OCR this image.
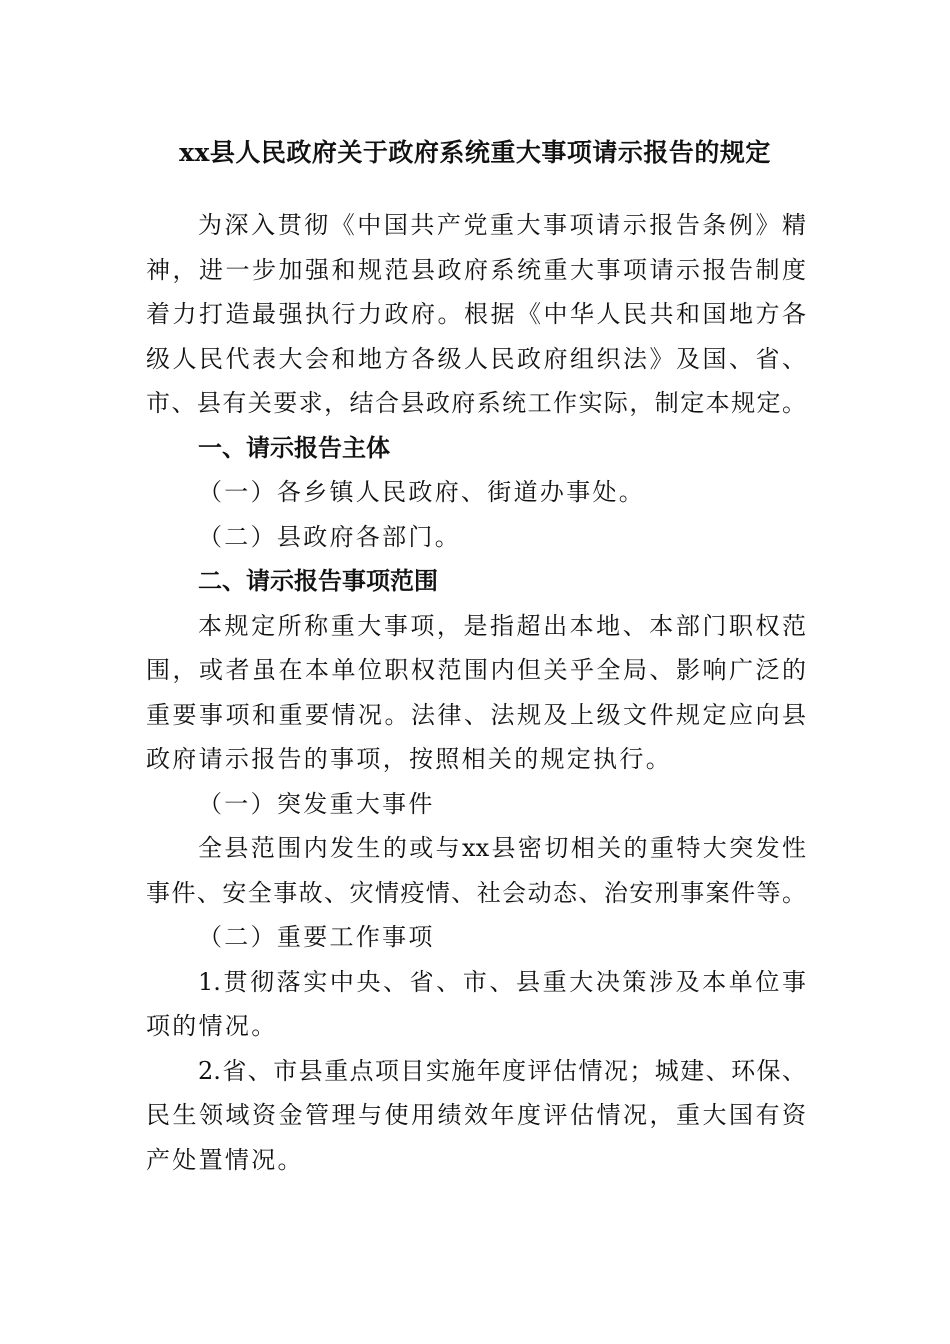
xx县人民政府关于政府系统重大事项请示报告的规定
为深入贯彻《中国共产党重大事项请示报告条例》精
神，进一步加强和规范县政府系统重大事项请示报告制度
着力打造最强执行力政府。根据《中华人民共和国地方各
级人民代表大会和地方各级人民政府组织法》及国、省、
市、县有关要求，结合县政府系统工作实际，制定本规定。
一、请示报告主体
（一）各乡镇人民政府、街道办事处。
（二）县政府各部门。
二、请示报告事项范围
本规定所称重大事项，是指超出本地、本部门职权范
围，或者虽在本单位职权范围内但关乎全局、影响广泛的
重要事项和重要情况。法律、法规及上级文件规定应向县
政府请示报告的事项，按照相关的规定执行。
（一）突发重大事件
全县范围内发生的或与xx县密切相关的重特大突发性
事件、安全事故、灾情疫情、社会动态、治安刑事案件等。
（二）重要工作事项
1.贯彻落实中央、省、市、县重大决策涉及本单位事
项的情况。
2.省、市县重点项目实施年度评估情况；城建、环保、
民生领域资金管理与使用绩效年度评估情况，重大国有资
产处置情况。
